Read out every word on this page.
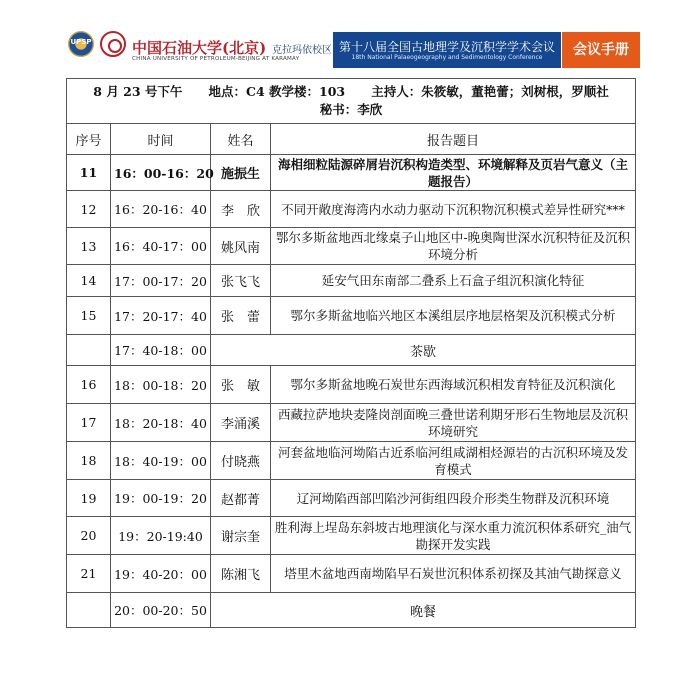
UPSP	中国石油大学(北京) 克拉玛依校区
CHINA UNIVERSITY OF PETROLEUM-BEIJING AT KARAMAY
第十八届全国古地理学及沉积学学术会议
18th National Palaeogeography and Sedimentology Conference	会议手册
8 月 23 号下午      地点：C4 教学楼：103      主持人：朱筱敏，董艳蕾；刘树根，罗顺社
秘书：李欣			

序号	时间	姓名	报告题目
11	16：00-16：20	施振生	海相细粒陆源碎屑岩沉积构造类型、环境解释及页岩气意义（主题报告）
12	16：20-16：40	李　欣	不同开敞度海湾内水动力驱动下沉积物沉积模式差异性研究***
13	16：40-17：00	姚风南	鄂尔多斯盆地西北缘桌子山地区中-晚奥陶世深水沉积特征及沉积环境分析
14	17：00-17：20	张飞飞	延安气田东南部二叠系上石盒子组沉积演化特征
15	17：20-17：40	张　蕾	鄂尔多斯盆地临兴地区本溪组层序地层格架及沉积模式分析
	17：40-18：00	茶歇	
16	18：00-18：20	张　敏	鄂尔多斯盆地晚石炭世东西海域沉积相发育特征及沉积演化
17	18：20-18：40	李涌溪	西藏拉萨地块麦隆岗剖面晚三叠世诺利期牙形石生物地层及沉积环境研究
18	18：40-19：00	付晓燕	河套盆地临河坳陷古近系临河组咸湖相烃源岩的古沉积环境及发育模式
19	19：00-19：20	赵都菁	辽河坳陷西部凹陷沙河街组四段介形类生物群及沉积环境
20	19：20-19:40	谢宗奎	胜利海上埕岛东斜坡古地理演化与深水重力流沉积体系研究_油气勘探开发实践
21	19：40-20：00	陈湘飞	塔里木盆地西南坳陷早石炭世沉积体系初探及其油气勘探意义
	20：00-20：50	晚餐	
